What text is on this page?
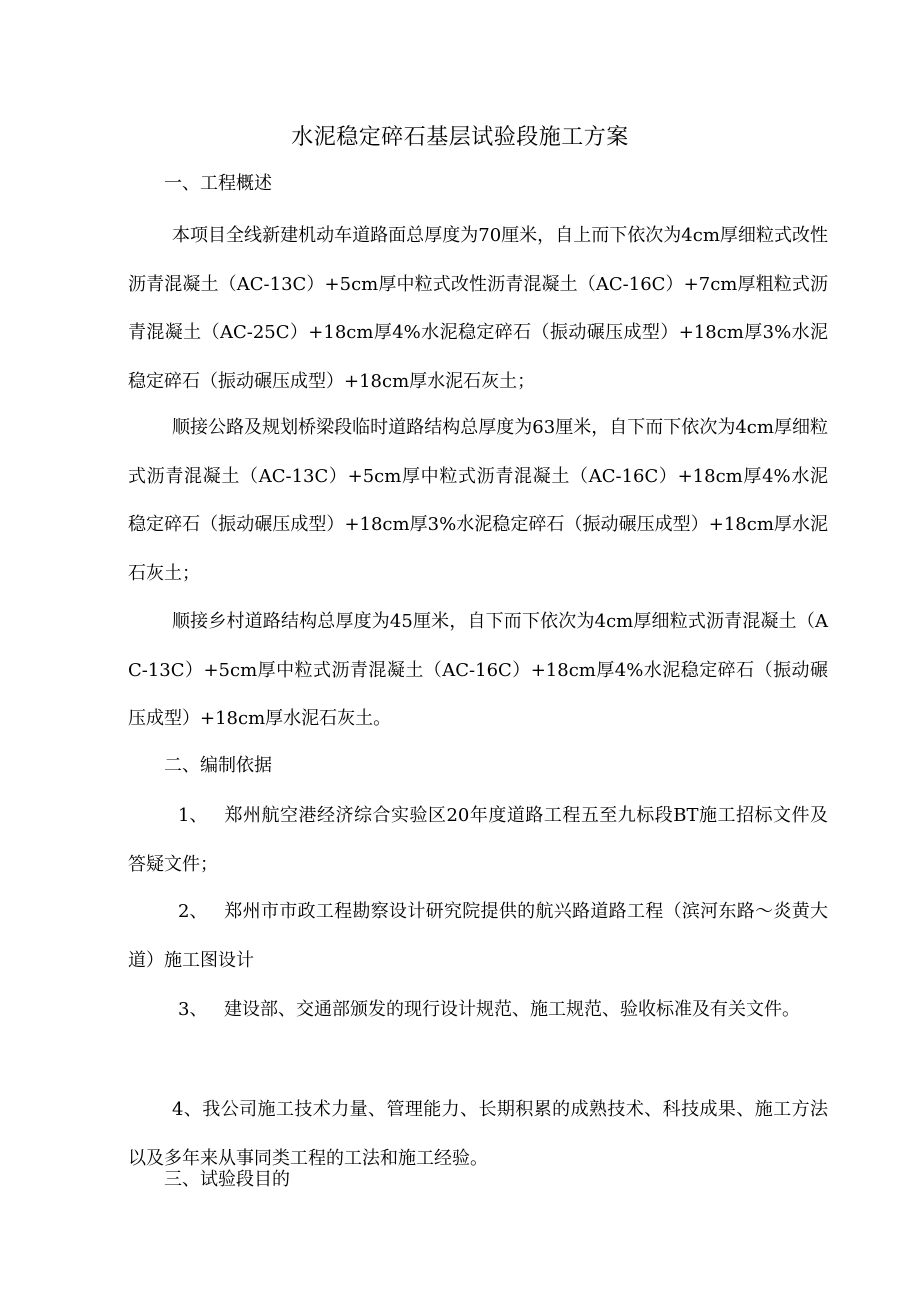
水泥稳定碎石基层试验段施工方案
一、工程概述
本项目全线新建机动车道路面总厚度为70厘米，自上而下依次为4cm厚细粒式改性沥青混凝土（AC-13C）+5cm厚中粒式改性沥青混凝土（AC-16C）+7cm厚粗粒式沥青混凝土（AC-25C）+18cm厚4%水泥稳定碎石（振动碾压成型）+18cm厚3%水泥稳定碎石（振动碾压成型）+18cm厚水泥石灰土；
顺接公路及规划桥梁段临时道路结构总厚度为63厘米，自下而下依次为4cm厚细粒式沥青混凝土（AC-13C）+5cm厚中粒式沥青混凝土（AC-16C）+18cm厚4%水泥稳定碎石（振动碾压成型）+18cm厚3%水泥稳定碎石（振动碾压成型）+18cm厚水泥石灰土；
顺接乡村道路结构总厚度为45厘米，自下而下依次为4cm厚细粒式沥青混凝土（AC-13C）+5cm厚中粒式沥青混凝土（AC-16C）+18cm厚4%水泥稳定碎石（振动碾压成型）+18cm厚水泥石灰土。
二、编制依据
1、 郑州航空港经济综合实验区20年度道路工程五至九标段BT施工招标文件及答疑文件；
2、 郑州市市政工程勘察设计研究院提供的航兴路道路工程（滨河东路～炎黄大道）施工图设计
3、 建设部、交通部颁发的现行设计规范、施工规范、验收标准及有关文件。
4、我公司施工技术力量、管理能力、长期积累的成熟技术、科技成果、施工方法以及多年来从事同类工程的工法和施工经验。
三、试验段目的
